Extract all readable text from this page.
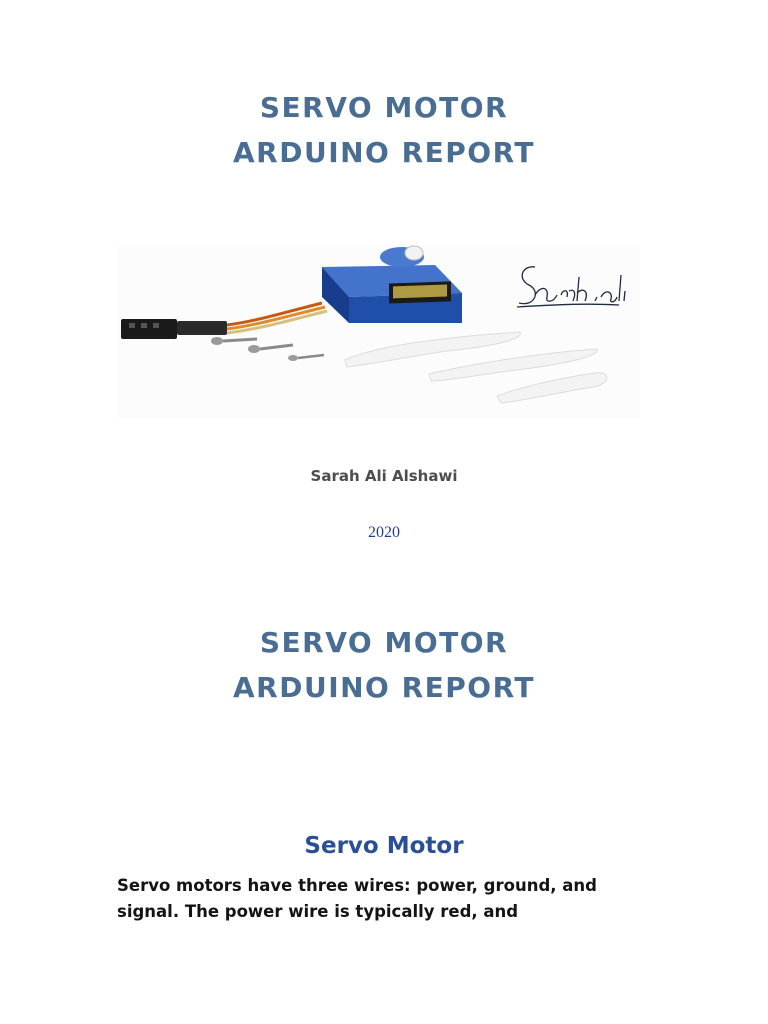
SERVO MOTOR
ARDUINO REPORT
Sarah Ali Alshawi
2020
SERVO MOTOR
ARDUINO REPORT
Servo Motor

Servo motors have three wires: power, ground, and signal. The power wire is typically red, and
